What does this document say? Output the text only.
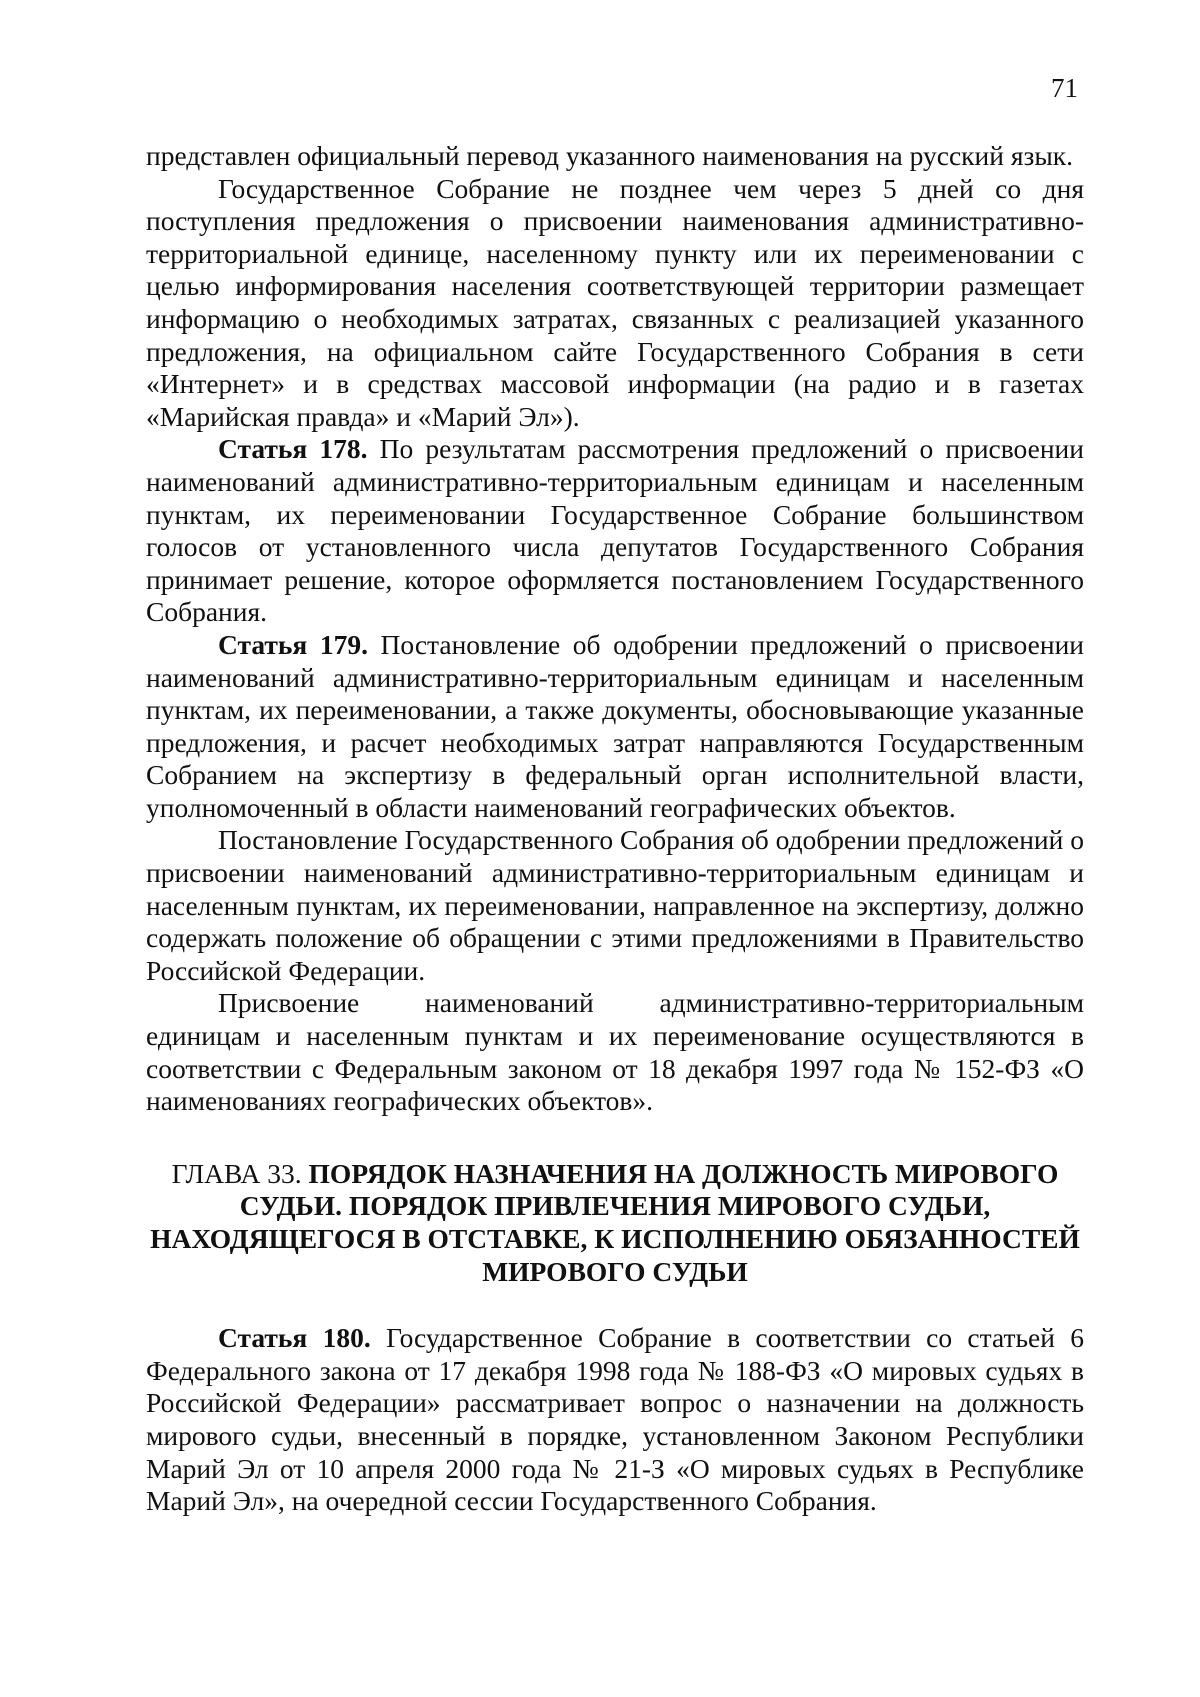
71

представлен официальный перевод указанного наименования на русский язык.

Государственное Собрание не позднее чем через 5 дней со дня поступления предложения о присвоении наименования административно-территориальной единице, населенному пункту или их переименовании с целью информирования населения соответствующей территории размещает информацию о необходимых затратах, связанных с реализацией указанного предложения, на официальном сайте Государственного Собрания в сети «Интернет» и в средствах массовой информации (на радио и в газетах «Марийская правда» и «Марий Эл»).

Статья 178. По результатам рассмотрения предложений о присвоении наименований административно-территориальным единицам и населенным пунктам, их переименовании Государственное Собрание большинством голосов от установленного числа депутатов Государственного Собрания принимает решение, которое оформляется постановлением Государственного Собрания.

Статья 179. Постановление об одобрении предложений о присвоении наименований административно-территориальным единицам и населенным пунктам, их переименовании, а также документы, обосновывающие указанные предложения, и расчет необходимых затрат направляются Государственным Собранием на экспертизу в федеральный орган исполнительной власти, уполномоченный в области наименований географических объектов.

Постановление Государственного Собрания об одобрении предложений о присвоении наименований административно-территориальным единицам и населенным пунктам, их переименовании, направленное на экспертизу, должно содержать положение об обращении с этими предложениями в Правительство Российской Федерации.

Присвоение наименований административно-территориальным единицам и населенным пунктам и их переименование осуществляются в соответствии с Федеральным законом от 18 декабря 1997 года № 152-ФЗ «О наименованиях географических объектов».

ГЛАВА 33. ПОРЯДОК НАЗНАЧЕНИЯ НА ДОЛЖНОСТЬ МИРОВОГО СУДЬИ. ПОРЯДОК ПРИВЛЕЧЕНИЯ МИРОВОГО СУДЬИ, НАХОДЯЩЕГОСЯ В ОТСТАВКЕ, К ИСПОЛНЕНИЮ ОБЯЗАННОСТЕЙ МИРОВОГО СУДЬИ

Статья 180. Государственное Собрание в соответствии со статьей 6 Федерального закона от 17 декабря 1998 года № 188-ФЗ «О мировых судьях в Российской Федерации» рассматривает вопрос о назначении на должность мирового судьи, внесенный в порядке, установленном Законом Республики Марий Эл от 10 апреля 2000 года № 21-З «О мировых судьях в Республике Марий Эл», на очередной сессии Государственного Собрания.
